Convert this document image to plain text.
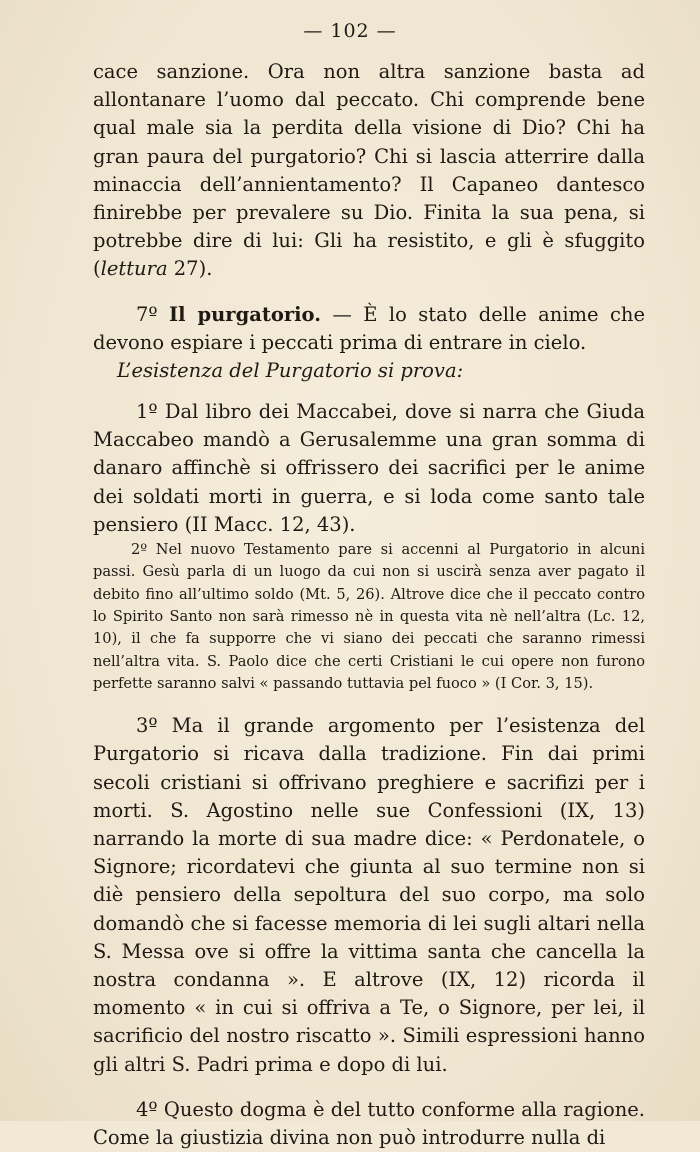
— 102 —

cace sanzione. Ora non altra sanzione basta ad allontanare l’uomo dal peccato. Chi comprende bene qual male sia la perdita della visione di Dio? Chi ha gran paura del purgatorio? Chi si lascia atterrire dalla minaccia dell’annientamento? Il Capaneo dantesco finirebbe per prevalere su Dio. Finita la sua pena, si potrebbe dire di lui: Gli ha resistito, e gli è sfuggito (lettura 27).

7º Il purgatorio. — È lo stato delle anime che devono espiare i peccati prima di entrare in cielo.

L’esistenza del Purgatorio si prova:

1º Dal libro dei Maccabei, dove si narra che Giuda Maccabeo mandò a Gerusalemme una gran somma di danaro affinchè si offrissero dei sacrifici per le anime dei soldati morti in guerra, e si loda come santo tale pensiero (II Macc. 12, 43).

2º Nel nuovo Testamento pare si accenni al Purgatorio in alcuni passi. Gesù parla di un luogo da cui non si uscirà senza aver pagato il debito fino all’ultimo soldo (Mt. 5, 26). Altrove dice che il peccato contro lo Spirito Santo non sarà rimesso nè in questa vita nè nell’altra (Lc. 12, 10), il che fa supporre che vi siano dei peccati che saranno rimessi nell’altra vita. S. Paolo dice che certi Cristiani le cui opere non furono perfette saranno salvi « passando tuttavia pel fuoco » (I Cor. 3, 15).

3º Ma il grande argomento per l’esistenza del Purgatorio si ricava dalla tradizione. Fin dai primi secoli cristiani si offrivano preghiere e sacrifizi per i morti. S. Agostino nelle sue Confessioni (IX, 13) narrando la morte di sua madre dice: « Perdonatele, o Signore; ricordatevi che giunta al suo termine non si diè pensiero della sepoltura del suo corpo, ma solo domandò che si facesse memoria di lei sugli altari nella S. Messa ove si offre la vittima santa che cancella la nostra condanna ». E altrove (IX, 12) ricorda il momento « in cui si offriva a Te, o Signore, per lei, il sacrificio del nostro riscatto ». Simili espressioni hanno gli altri S. Padri prima e dopo di lui.

4º Questo dogma è del tutto conforme alla ragione. Come la giustizia divina non può introdurre nulla di
